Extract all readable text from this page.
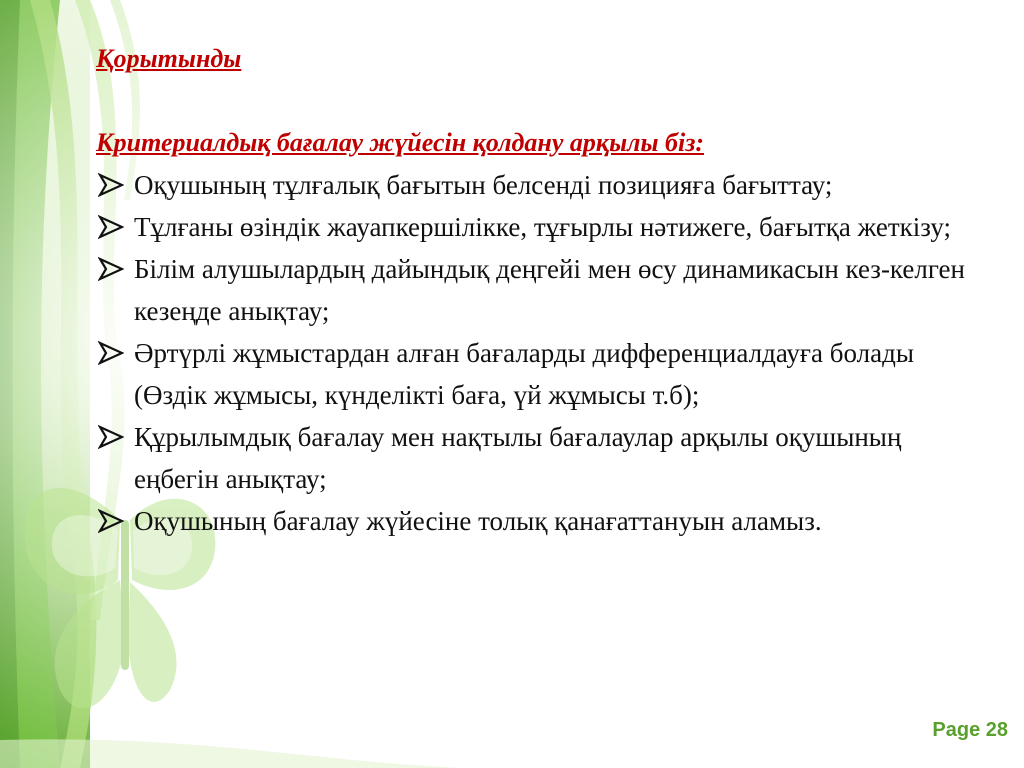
Қорытынды

Критериалдық бағалау жүйесін қолдану арқылы біз:

Оқушының тұлғалық бағытын белсенді позицияға бағыттау;
Тұлғаны өзіндік жауапкершілікке, тұғырлы нәтижеге, бағытқа жеткізу;
Білім алушылардың дайындық деңгейі мен өсу динамикасын кез-келген кезеңде анықтау;
Әртүрлі жұмыстардан алған бағаларды дифференциалдауға болады (Өздік жұмысы, күнделікті баға, үй жұмысы т.б);
Құрылымдық бағалау мен нақтылы бағалаулар арқылы оқушының еңбегін анықтау;
Оқушының бағалау жүйесіне толық қанағаттануын аламыз.
Page 28
